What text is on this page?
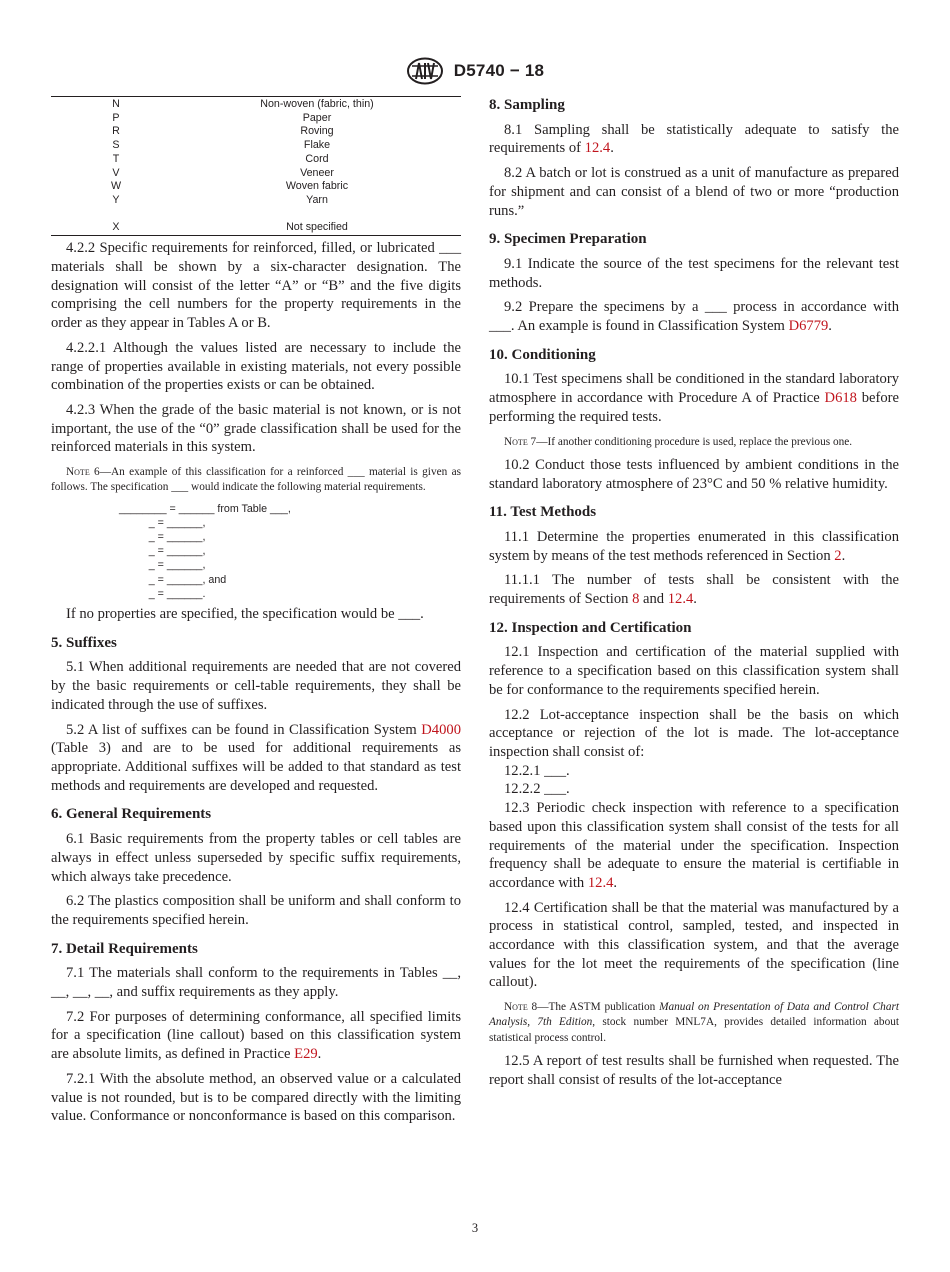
D5740 − 18
N	Non-woven (fabric, thin)
P	Paper
R	Roving
S	Flake
T	Cord
V	Veneer
W	Woven fabric
Y	Yarn
X	Not specified

4.2.2 Specific requirements for reinforced, filled, or lubricated ___ materials shall be shown by a six-character designation. The designation will consist of the letter “A” or “B” and the five digits comprising the cell numbers for the property requirements in the order as they appear in Tables A or B.

4.2.2.1 Although the values listed are necessary to include the range of properties available in existing materials, not every possible combination of the properties exists or can be obtained.

4.2.3 When the grade of the basic material is not known, or is not important, the use of the “0” grade classification shall be used for the reinforced materials in this system.

Note 6—An example of this classification for a reinforced ___ material is given as follows. The specification ___ would indicate the following material requirements.
________ = ______ from Table ___,
_ = ______,
_ = ______,
_ = ______,
_ = ______,
_ = ______, and
_ = ______.

If no properties are specified, the specification would be ___.

5. Suffixes

5.1 When additional requirements are needed that are not covered by the basic requirements or cell-table requirements, they shall be indicated through the use of suffixes.

5.2 A list of suffixes can be found in Classification System D4000 (Table 3) and are to be used for additional requirements as appropriate. Additional suffixes will be added to that standard as test methods and requirements are developed and requested.

6. General Requirements

6.1 Basic requirements from the property tables or cell tables are always in effect unless superseded by specific suffix requirements, which always take precedence.

6.2 The plastics composition shall be uniform and shall conform to the requirements specified herein.

7. Detail Requirements

7.1 The materials shall conform to the requirements in Tables __, __, __, __, and suffix requirements as they apply.

7.2 For purposes of determining conformance, all specified limits for a specification (line callout) based on this classification system are absolute limits, as defined in Practice E29.

7.2.1 With the absolute method, an observed value or a calculated value is not rounded, but is to be compared directly with the limiting value. Conformance or nonconformance is based on this comparison.

8. Sampling

8.1 Sampling shall be statistically adequate to satisfy the requirements of 12.4.

8.2 A batch or lot is construed as a unit of manufacture as prepared for shipment and can consist of a blend of two or more “production runs.”

9. Specimen Preparation

9.1 Indicate the source of the test specimens for the relevant test methods.

9.2 Prepare the specimens by a ___ process in accordance with ___. An example is found in Classification System D6779.

10. Conditioning

10.1 Test specimens shall be conditioned in the standard laboratory atmosphere in accordance with Procedure A of Practice D618 before performing the required tests.

Note 7—If another conditioning procedure is used, replace the previous one.

10.2 Conduct those tests influenced by ambient conditions in the standard laboratory atmosphere of 23°C and 50 % relative humidity.

11. Test Methods

11.1 Determine the properties enumerated in this classification system by means of the test methods referenced in Section 2.

11.1.1 The number of tests shall be consistent with the requirements of Section 8 and 12.4.

12. Inspection and Certification

12.1 Inspection and certification of the material supplied with reference to a specification based on this classification system shall be for conformance to the requirements specified herein.

12.2 Lot-acceptance inspection shall be the basis on which acceptance or rejection of the lot is made. The lot-acceptance inspection shall consist of:

12.2.1 ___.

12.2.2 ___.

12.3 Periodic check inspection with reference to a specification based upon this classification system shall consist of the tests for all requirements of the material under the specification. Inspection frequency shall be adequate to ensure the material is certifiable in accordance with 12.4.

12.4 Certification shall be that the material was manufactured by a process in statistical control, sampled, tested, and inspected in accordance with this classification system, and that the average values for the lot meet the requirements of the specification (line callout).

Note 8—The ASTM publication Manual on Presentation of Data and Control Chart Analysis, 7th Edition, stock number MNL7A, provides detailed information about statistical process control.

12.5 A report of test results shall be furnished when requested. The report shall consist of results of the lot-acceptance

3
